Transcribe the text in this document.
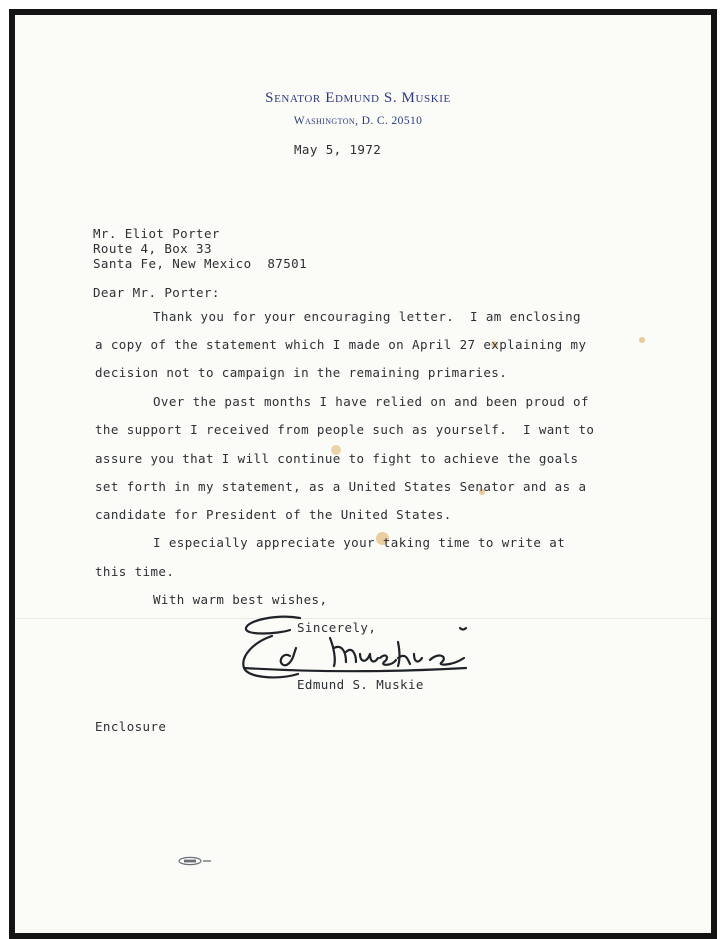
Senator Edmund S. Muskie
Washington, D. C. 20510
May 5, 1972
Mr. Eliot Porter
Route 4, Box 33
Santa Fe, New Mexico  87501
Dear Mr. Porter:
Thank you for your encouraging letter.  I am enclosing
a copy of the statement which I made on April 27 explaining my
decision not to campaign in the remaining primaries.
Over the past months I have relied on and been proud of
the support I received from people such as yourself.  I want to
assure you that I will continue to fight to achieve the goals
set forth in my statement, as a United States Senator and as a
candidate for President of the United States.
I especially appreciate your taking time to write at
this time.
With warm best wishes,
Sincerely,
Edmund S. Muskie
Enclosure
